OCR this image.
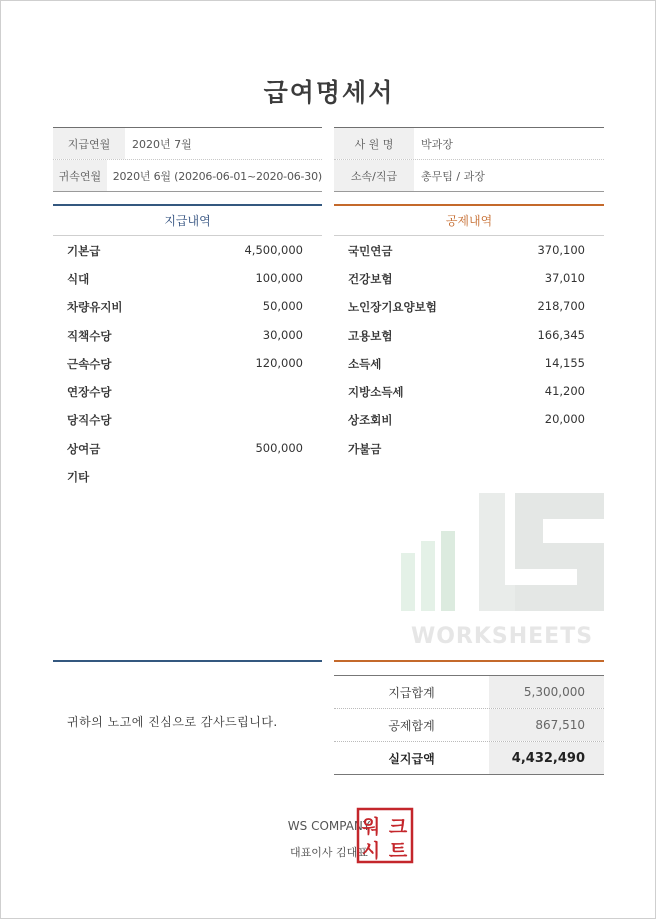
급여명세서
지급연월	2020년 7월
귀속연월	2020년 6월 (20206-06-01~2020-06-30)
사 원 명	박과장
소속/직급	총무팀 / 과장
지급내역	공제내역
기본급	4,500,000
식대	100,000
차량유지비	50,000
직책수당	30,000
근속수당	120,000
연장수당
당직수당
상여금	500,000
기타
국민연금	370,100
건강보험	37,010
노인장기요양보험	218,700
고용보험	166,345
소득세	14,155
지방소득세	41,200
상조회비	20,000
가불금
WORKSHEETS
귀하의 노고에 진심으로 감사드립니다.
지급합계	5,300,000
공제합계	867,510
실지급액	4,432,490
WS COMPANY
대표이사 김대표
워 크
시 트
